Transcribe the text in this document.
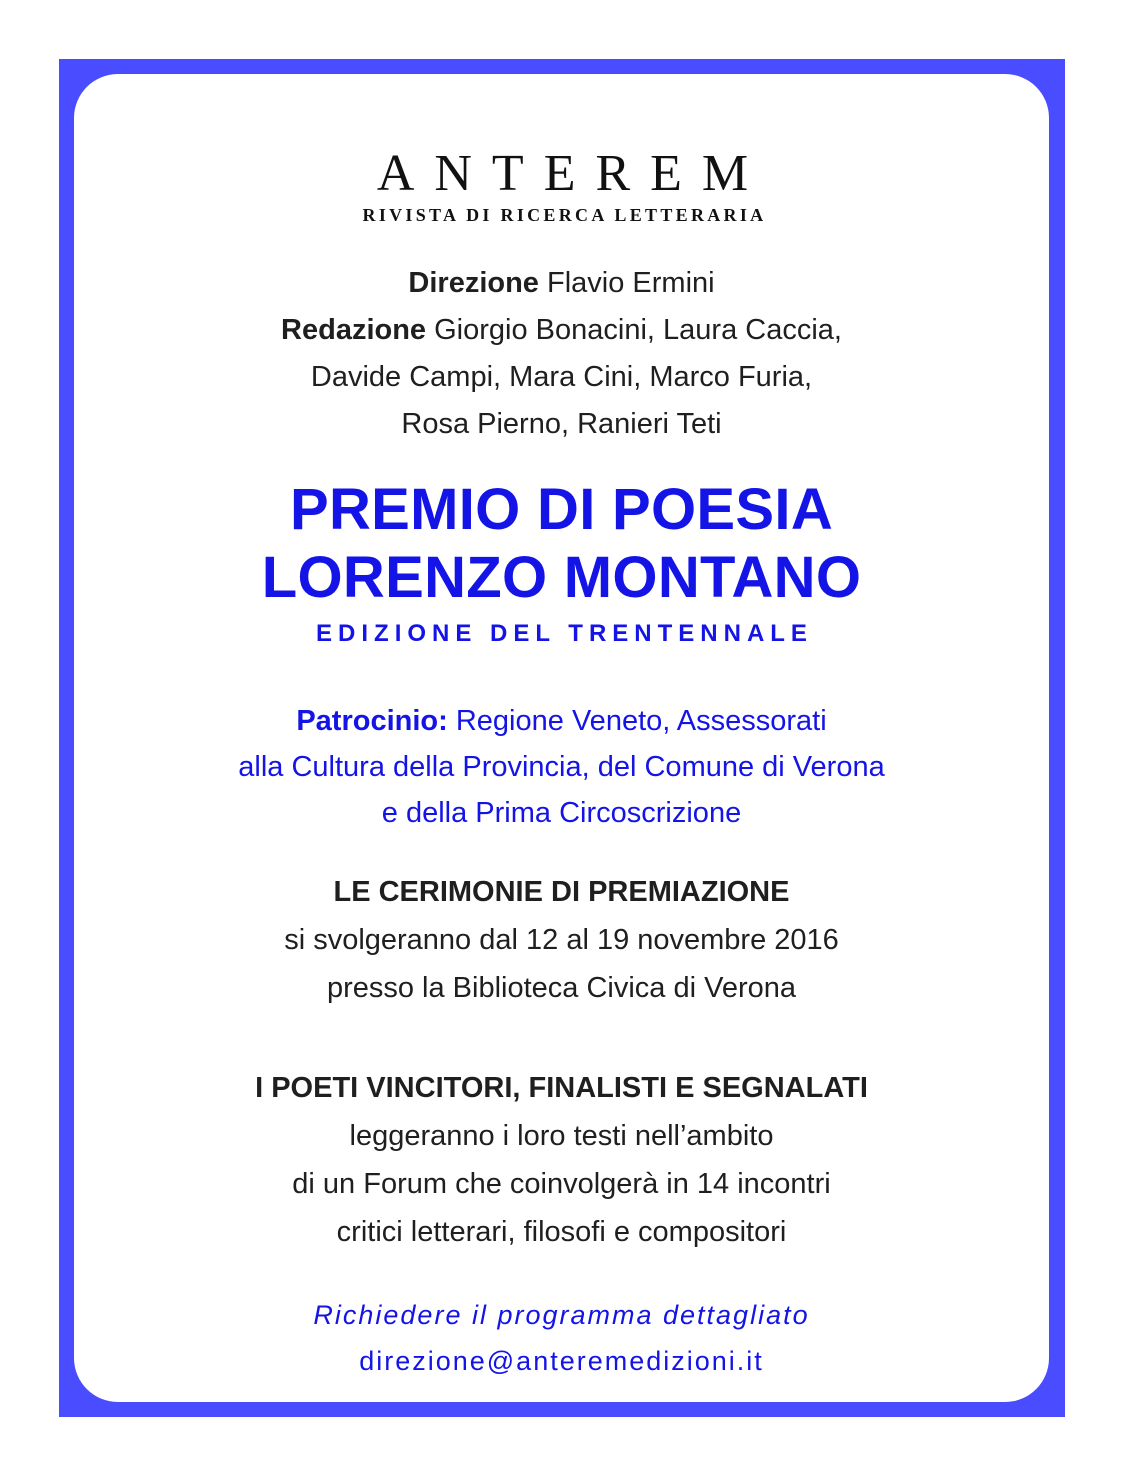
ANTEREM
RIVISTA DI RICERCA LETTERARIA
Direzione Flavio Ermini
Redazione Giorgio Bonacini, Laura Caccia,
Davide Campi, Mara Cini, Marco Furia,
Rosa Pierno, Ranieri Teti
PREMIO DI POESIA
LORENZO MONTANO
EDIZIONE DEL TRENTENNALE
Patrocinio: Regione Veneto, Assessorati
alla Cultura della Provincia, del Comune di Verona
e della Prima Circoscrizione
LE CERIMONIE DI PREMIAZIONE
si svolgeranno dal 12 al 19 novembre 2016
presso la Biblioteca Civica di Verona
I POETI VINCITORI, FINALISTI E SEGNALATI
leggeranno i loro testi nell’ambito
di un Forum che coinvolgerà in 14 incontri
critici letterari, filosofi e compositori
Richiedere il programma dettagliato
direzione@anteremedizioni.it
